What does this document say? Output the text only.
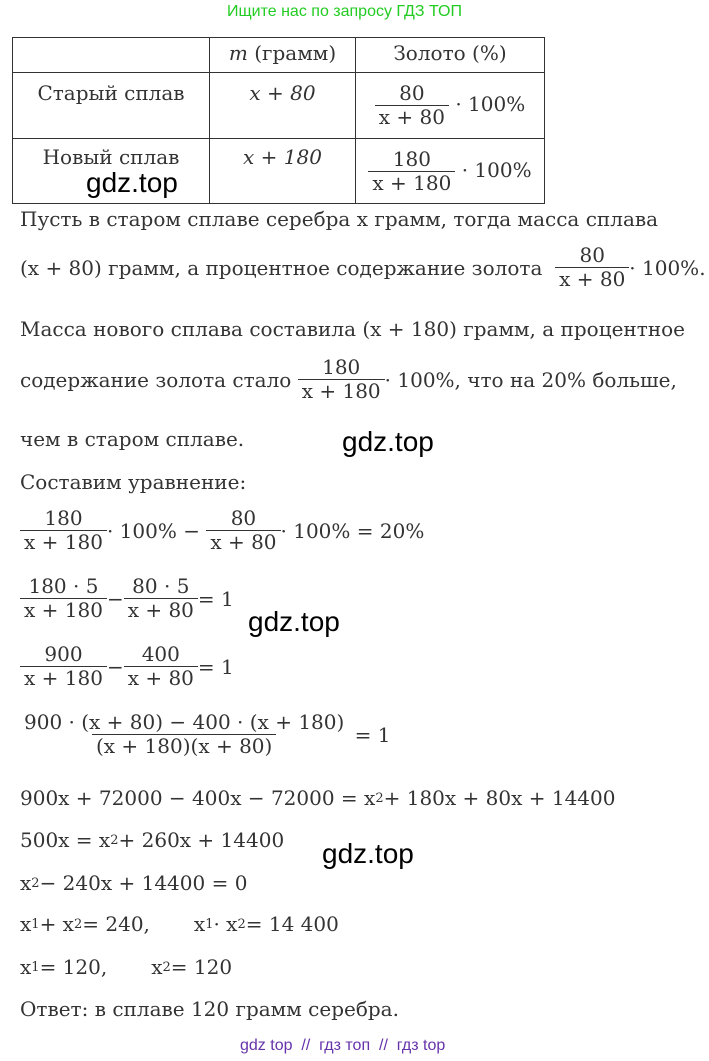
Ищите нас по запросу ГДЗ ТОП
	m (грамм)	Золото (%)
Старый сплав	x + 80	$\frac{80}{x + 80} \cdot 100\%$
Новый сплав	x + 180	$\frac{180}{x + 180} \cdot 100\%$
gdz.top
gdz.top
gdz.top
gdz.top
Пусть в старом сплаве серебра x грамм, тогда масса сплава
(x + 80) грамм, а процентное содержание золота
$\frac{80}{x + 80} \cdot 100\%$.
Масса нового сплава составила (x + 180) грамм, а процентное
содержание золота стало
$\frac{180}{x + 180} \cdot 100\%$, что на 20% больше,
чем в старом сплаве.
Составим уравнение:
$\frac{180}{x + 180} \cdot 100\%$ −
$\frac{80}{x + 80} \cdot 100\% = 20\%$
$\frac{180 \cdot 5}{x + 180} - \frac{80 \cdot 5}{x + 80} = 1$
$\frac{900}{x + 180} - \frac{400}{x + 80} = 1$
$\frac{900 \cdot (x + 80) - 400 \cdot (x + 180)}{(x + 180)(x + 80)}$
= 1
900x + 72000 − 400x − 72000 = x 2 + 180x + 80x + 14400
500x = x 2 + 260x + 14400
x 2 − 240x + 14400 = 0
x 1 + x 2 = 240, x 1 · x 2 = 14 400
x 1 = 120, x 2 = 120
Ответ: в сплаве 120 грамм серебра.
gdz top  //  гдз топ  //  гдз top
